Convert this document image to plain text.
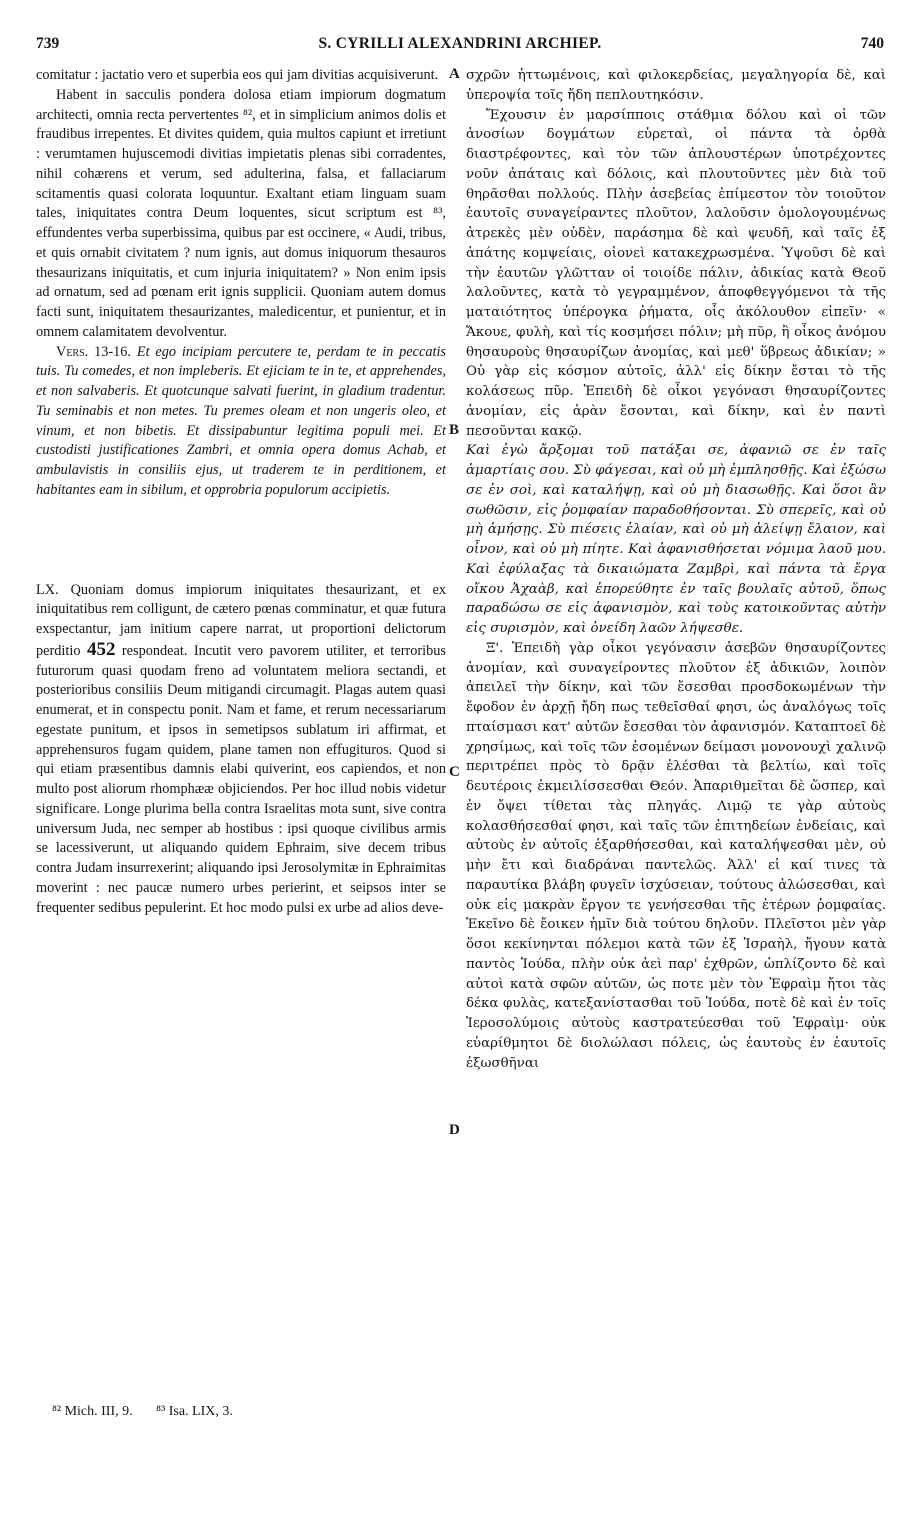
739	S. CYRILLI ALEXANDRINI ARCHIEP.	740

comitatur : jactatio vero et superbia eos qui jam divitias acquisiverunt.

Habent in sacculis pondera dolosa etiam impiorum dogmatum architecti, omnia recta pervertentes ⁸², et in simplicium animos dolis et fraudibus irrepentes. Et divites quidem, quia multos capiunt et irretiunt : verumtamen hujuscemodi divitias impietatis plenas sibi corradentes, nihil cohærens et verum, sed adulterina, falsa, et fallaciarum scitamentis quasi colorata loquuntur. Exaltant etiam linguam suam tales, iniquitates contra Deum loquentes, sicut scriptum est ⁸³, effundentes verba superbissima, quibus par est occinere, « Audi, tribus, et quis ornabit civitatem ? num ignis, aut domus iniquorum thesauros thesaurizans iniquitatis, et cum injuria iniquitatem? » Non enim ipsis ad ornatum, sed ad pœnam erit ignis supplicii. Quoniam autem domus facti sunt, iniquitatem thesaurizantes, maledicentur, et punientur, et in omnem calamitatem devolventur.

Vers. 13-16. Et ego incipiam percutere te, perdam te in peccatis tuis. Tu comedes, et non impleberis. Et ejiciam te in te, et apprehendes, et non salvaberis. Et quotcunque salvati fuerint, in gladium tradentur. Tu seminabis et non metes. Tu premes oleam et non ungeris oleo, et vinum, et non bibetis. Et dissipabuntur legitima populi mei. Et custodisti justificationes Zambri, et omnia opera domus Achab, et ambulavistis in consiliis ejus, ut traderem te in perditionem, et habitantes eam in sibilum, et opprobria populorum accipietis.

LX. Quoniam domus impiorum iniquitates thesaurizant, et ex iniquitatibus rem colligunt, de cætero pœnas comminatur, et quæ futura exspectantur, jam initium capere narrat, ut proportioni delictorum perditio 452 respondeat. Incutit vero pavorem utiliter, et terroribus futurorum quasi quodam freno ad voluntatem meliora sectandi, et posterioribus consiliis Deum mitigandi circumagit. Plagas autem quasi enumerat, et in conspectu ponit. Nam et fame, et rerum necessariarum egestate punitum, et ipsos in semetipsos sublatum iri affirmat, et apprehensuros fugam quidem, plane tamen non effugituros. Quod si qui etiam præsentibus damnis elabi quiverint, eos capiendos, et non multo post aliorum rhomphææ objiciendos. Per hoc illud nobis videtur significare. Longe plurima bella contra Israelitas mota sunt, sive contra universum Juda, nec semper ab hostibus : ipsi quoque civilibus armis se lacessiverunt, ut aliquando quidem Ephraim, sive decem tribus contra Judam insurrexerint; aliquando ipsi Jerosolymitæ in Ephraimitas moverint : nec paucæ numero urbes perierint, et seipsos inter se frequenter sedibus pepulerint. Et hoc modo pulsi ex urbe ad alios deve-

A
B
C
D

σχρῶν ἡττωμένοις, καὶ φιλοκερδείας, μεγαληγορία δὲ, καὶ ὑπεροψία τοῖς ἤδη πεπλουτηκόσιν.

Ἔχουσιν ἐν μαρσίπποις στάθμια δόλου καὶ οἱ τῶν ἀνοσίων δογμάτων εὑρεταὶ, οἱ πάντα τὰ ὀρθὰ διαστρέφοντες, καὶ τὸν τῶν ἁπλουστέρων ὑποτρέχοντες νοῦν ἀπάταις καὶ δόλοις, καὶ πλουτοῦντες μὲν διὰ τοῦ θηρᾶσθαι πολλούς. Πλὴν ἀσεβείας ἐπίμεστον τὸν τοιοῦτον ἑαυτοῖς συναγείραντες πλοῦτον, λαλοῦσιν ὁμολογουμένως ἀτρεκὲς μὲν οὐδὲν, παράσημα δὲ καὶ ψευδῆ, καὶ ταῖς ἐξ ἀπάτης κομψείαις, οἱονεὶ κατακεχρωσμένα. Ὑψοῦσι δὲ καὶ τὴν ἑαυτῶν γλῶτταν οἱ τοιοίδε πάλιν, ἀδικίας κατὰ Θεοῦ λαλοῦντες, κατὰ τὸ γεγραμμένον, ἀποφθεγγόμενοι τὰ τῆς ματαιότητος ὑπέρογκα ῥήματα, οἷς ἀκόλουθον εἰπεῖν· « Ἄκουε, φυλὴ, καὶ τίς κοσμήσει πόλιν; μὴ πῦρ, ἢ οἶκος ἀνόμου θησαυροὺς θησαυρίζων ἀνομίας, καὶ μεθ' ὕβρεως ἀδικίαν; » Οὐ γὰρ εἰς κόσμον αὐτοῖς, ἀλλ' εἰς δίκην ἔσται τὸ τῆς κολάσεως πῦρ. Ἐπειδὴ δὲ οἶκοι γεγόνασι θησαυρίζοντες ἀνομίαν, εἰς ἀρὰν ἔσονται, καὶ δίκην, καὶ ἐν παντὶ πεσοῦνται κακῷ.

Καὶ ἐγὼ ἄρξομαι τοῦ πατάξαι σε, ἀφανιῶ σε ἐν ταῖς ἁμαρτίαις σου. Σὺ φάγεσαι, καὶ οὐ μὴ ἐμπλησθῇς. Καὶ ἐξώσω σε ἐν σοὶ, καὶ καταλήψῃ, καὶ οὐ μὴ διασωθῇς. Καὶ ὅσοι ἂν σωθῶσιν, εἰς ῥομφαίαν παραδοθήσονται. Σὺ σπερεῖς, καὶ οὐ μὴ ἀμήσῃς. Σὺ πιέσεις ἐλαίαν, καὶ οὐ μὴ ἀλείψῃ ἔλαιον, καὶ οἶνον, καὶ οὐ μὴ πίητε. Καὶ ἀφανισθήσεται νόμιμα λαοῦ μου. Καὶ ἐφύλαξας τὰ δικαιώματα Ζαμβρὶ, καὶ πάντα τὰ ἔργα οἴκου Ἀχαὰβ, καὶ ἐπορεύθητε ἐν ταῖς βουλαῖς αὐτοῦ, ὅπως παραδώσω σε εἰς ἀφανισμὸν, καὶ τοὺς κατοικοῦντας αὐτὴν εἰς συρισμὸν, καὶ ὀνείδη λαῶν λήψεσθε.

Ξ'. Ἐπειδὴ γὰρ οἶκοι γεγόνασιν ἀσεβῶν θησαυρίζοντες ἀνομίαν, καὶ συναγείροντες πλοῦτον ἐξ ἀδικιῶν, λοιπὸν ἀπειλεῖ τὴν δίκην, καὶ τῶν ἔσεσθαι προσδοκωμένων τὴν ἔφοδον ἐν ἀρχῇ ἤδη πως τεθεῖσθαί φησι, ὡς ἀναλόγως τοῖς πταίσμασι κατ' αὐτῶν ἔσεσθαι τὸν ἀφανισμόν. Καταπτοεῖ δὲ χρησίμως, καὶ τοῖς τῶν ἐσομένων δείμασι μονονουχὶ χαλινῷ περιτρέπει πρὸς τὸ δρᾷν ἑλέσθαι τὰ βελτίω, καὶ τοῖς δευτέροις ἐκμειλίσσεσθαι Θεόν. Ἀπαριθμεῖται δὲ ὥσπερ, καὶ ἐν ὄψει τίθεται τὰς πληγάς. Λιμῷ τε γὰρ αὐτοὺς κολασθήσεσθαί φησι, καὶ ταῖς τῶν ἐπιτηδείων ἐνδείαις, καὶ αὐτοὺς ἐν αὐτοῖς ἐξαρθήσεσθαι, καὶ καταλήψεσθαι μὲν, οὐ μὴν ἔτι καὶ διαδράναι παντελῶς. Ἀλλ' εἰ καί τινες τὰ παραυτίκα βλάβη φυγεῖν ἰσχύσειαν, τούτους ἁλώσεσθαι, καὶ οὐκ εἰς μακρὰν ἔργον τε γενήσεσθαι τῆς ἑτέρων ῥομφαίας. Ἐκεῖνο δὲ ἔοικεν ἡμῖν διὰ τούτου δηλοῦν. Πλεῖστοι μὲν γὰρ ὅσοι κεκίνηνται πόλεμοι κατὰ τῶν ἐξ Ἰσραὴλ, ἤγουν κατὰ παντὸς Ἰούδα, πλὴν οὐκ ἀεὶ παρ' ἐχθρῶν, ὡπλίζοντο δὲ καὶ αὐτοὶ κατὰ σφῶν αὐτῶν, ὡς ποτε μὲν τὸν Ἐφραὶμ ἤτοι τὰς δέκα φυλὰς, κατεξανίστασθαι τοῦ Ἰούδα, ποτὲ δὲ καὶ ἐν τοῖς Ἱεροσολύμοις αὐτοὺς καστρατεύεσθαι τοῦ Ἐφραὶμ· οὐκ εὐαρίθμητοι δὲ διολώλασι πόλεις, ὡς ἑαυτοὺς ἐν ἑαυτοῖς ἐξωσθῆναι

⁸² Mich. III, 9. ⁸³ Isa. LIX, 3.
